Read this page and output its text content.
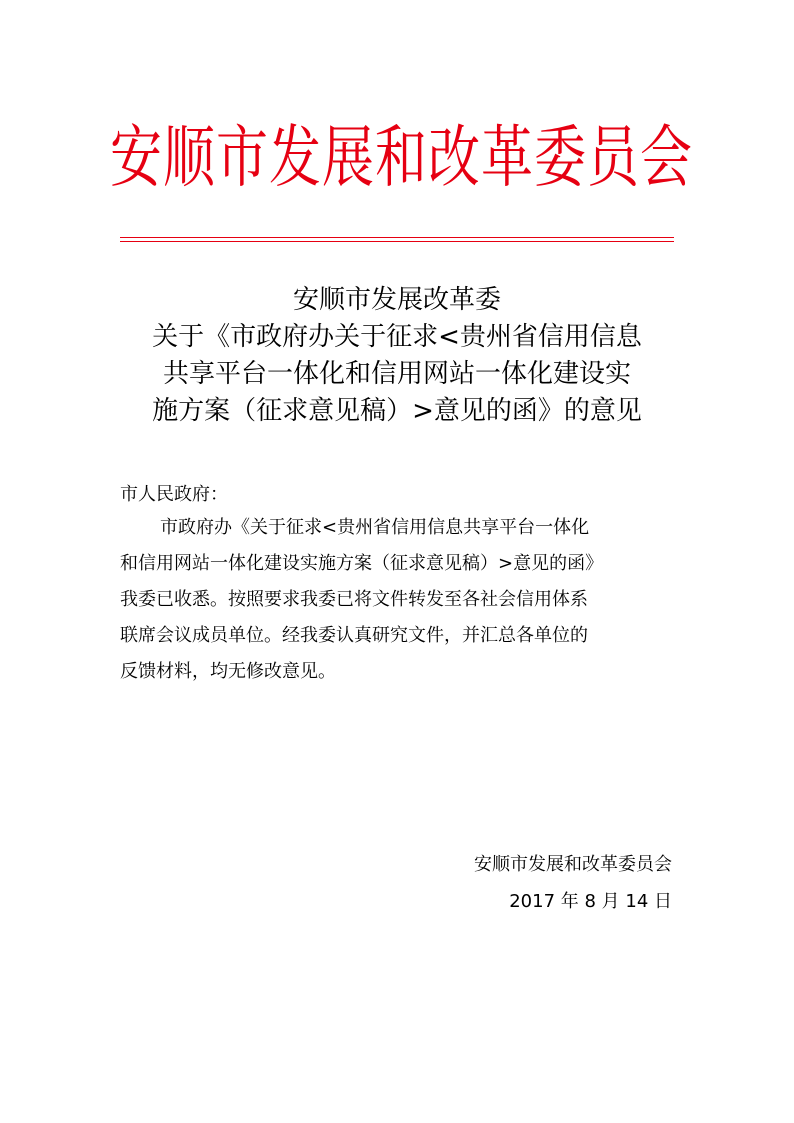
安顺市发展和改革委员会
安顺市发展改革委
关于《市政府办关于征求<贵州省信用信息
共享平台一体化和信用网站一体化建设实
施方案（征求意见稿）>意见的函》的意见
市人民政府：
市政府办《关于征求<贵州省信用信息共享平台一体化
和信用网站一体化建设实施方案（征求意见稿）>意见的函》
我委已收悉。按照要求我委已将文件转发至各社会信用体系
联席会议成员单位。经我委认真研究文件，并汇总各单位的
反馈材料，均无修改意见。
安顺市发展和改革委员会
2017 年 8 月 14 日
